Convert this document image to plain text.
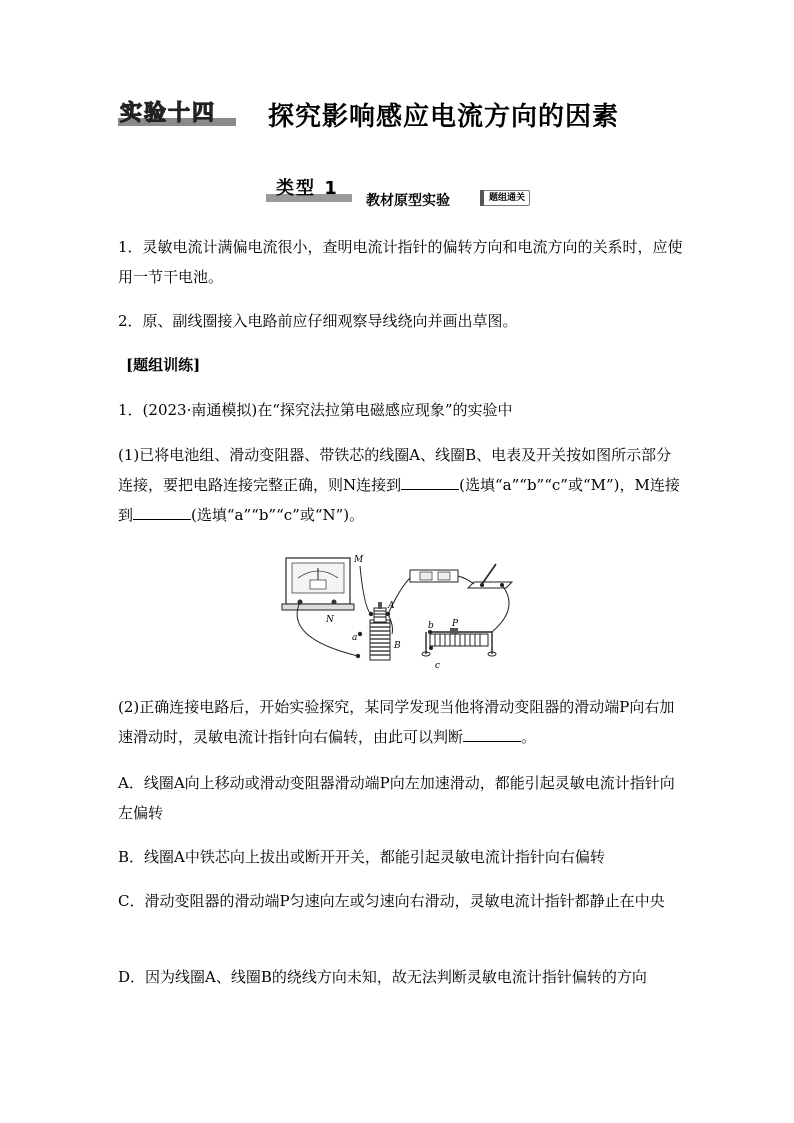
实验十四 探究影响感应电流方向的因素
类型 1
教材原型实验	题组通关
1．灵敏电流计满偏电流很小，查明电流计指针的偏转方向和电流方向的关系时，应使用一节干电池。
2．原、副线圈接入电路前应仔细观察导线绕向并画出草图。
[题组训练]
1．(2023·南通模拟)在“探究法拉第电磁感应现象”的实验中
(1)已将电池组、滑动变阻器、带铁芯的线圈A、线圈B、电表及开关按如图所示部分连接，要把电路连接完整正确，则N连接到	(选填“a”“b”“c”或“M”)，M连接到	(选填“a”“b”“c”或“N”)。
M
N
A
B
a
b
c
P
(2)正确连接电路后，开始实验探究，某同学发现当他将滑动变阻器的滑动端P向右加速滑动时，灵敏电流计指针向右偏转，由此可以判断	。
A．线圈A向上移动或滑动变阻器滑动端P向左加速滑动，都能引起灵敏电流计指针向左偏转
B．线圈A中铁芯向上拔出或断开开关，都能引起灵敏电流计指针向右偏转
C．滑动变阻器的滑动端P匀速向左或匀速向右滑动，灵敏电流计指针都静止在中央
D．因为线圈A、线圈B的绕线方向未知，故无法判断灵敏电流计指针偏转的方向
